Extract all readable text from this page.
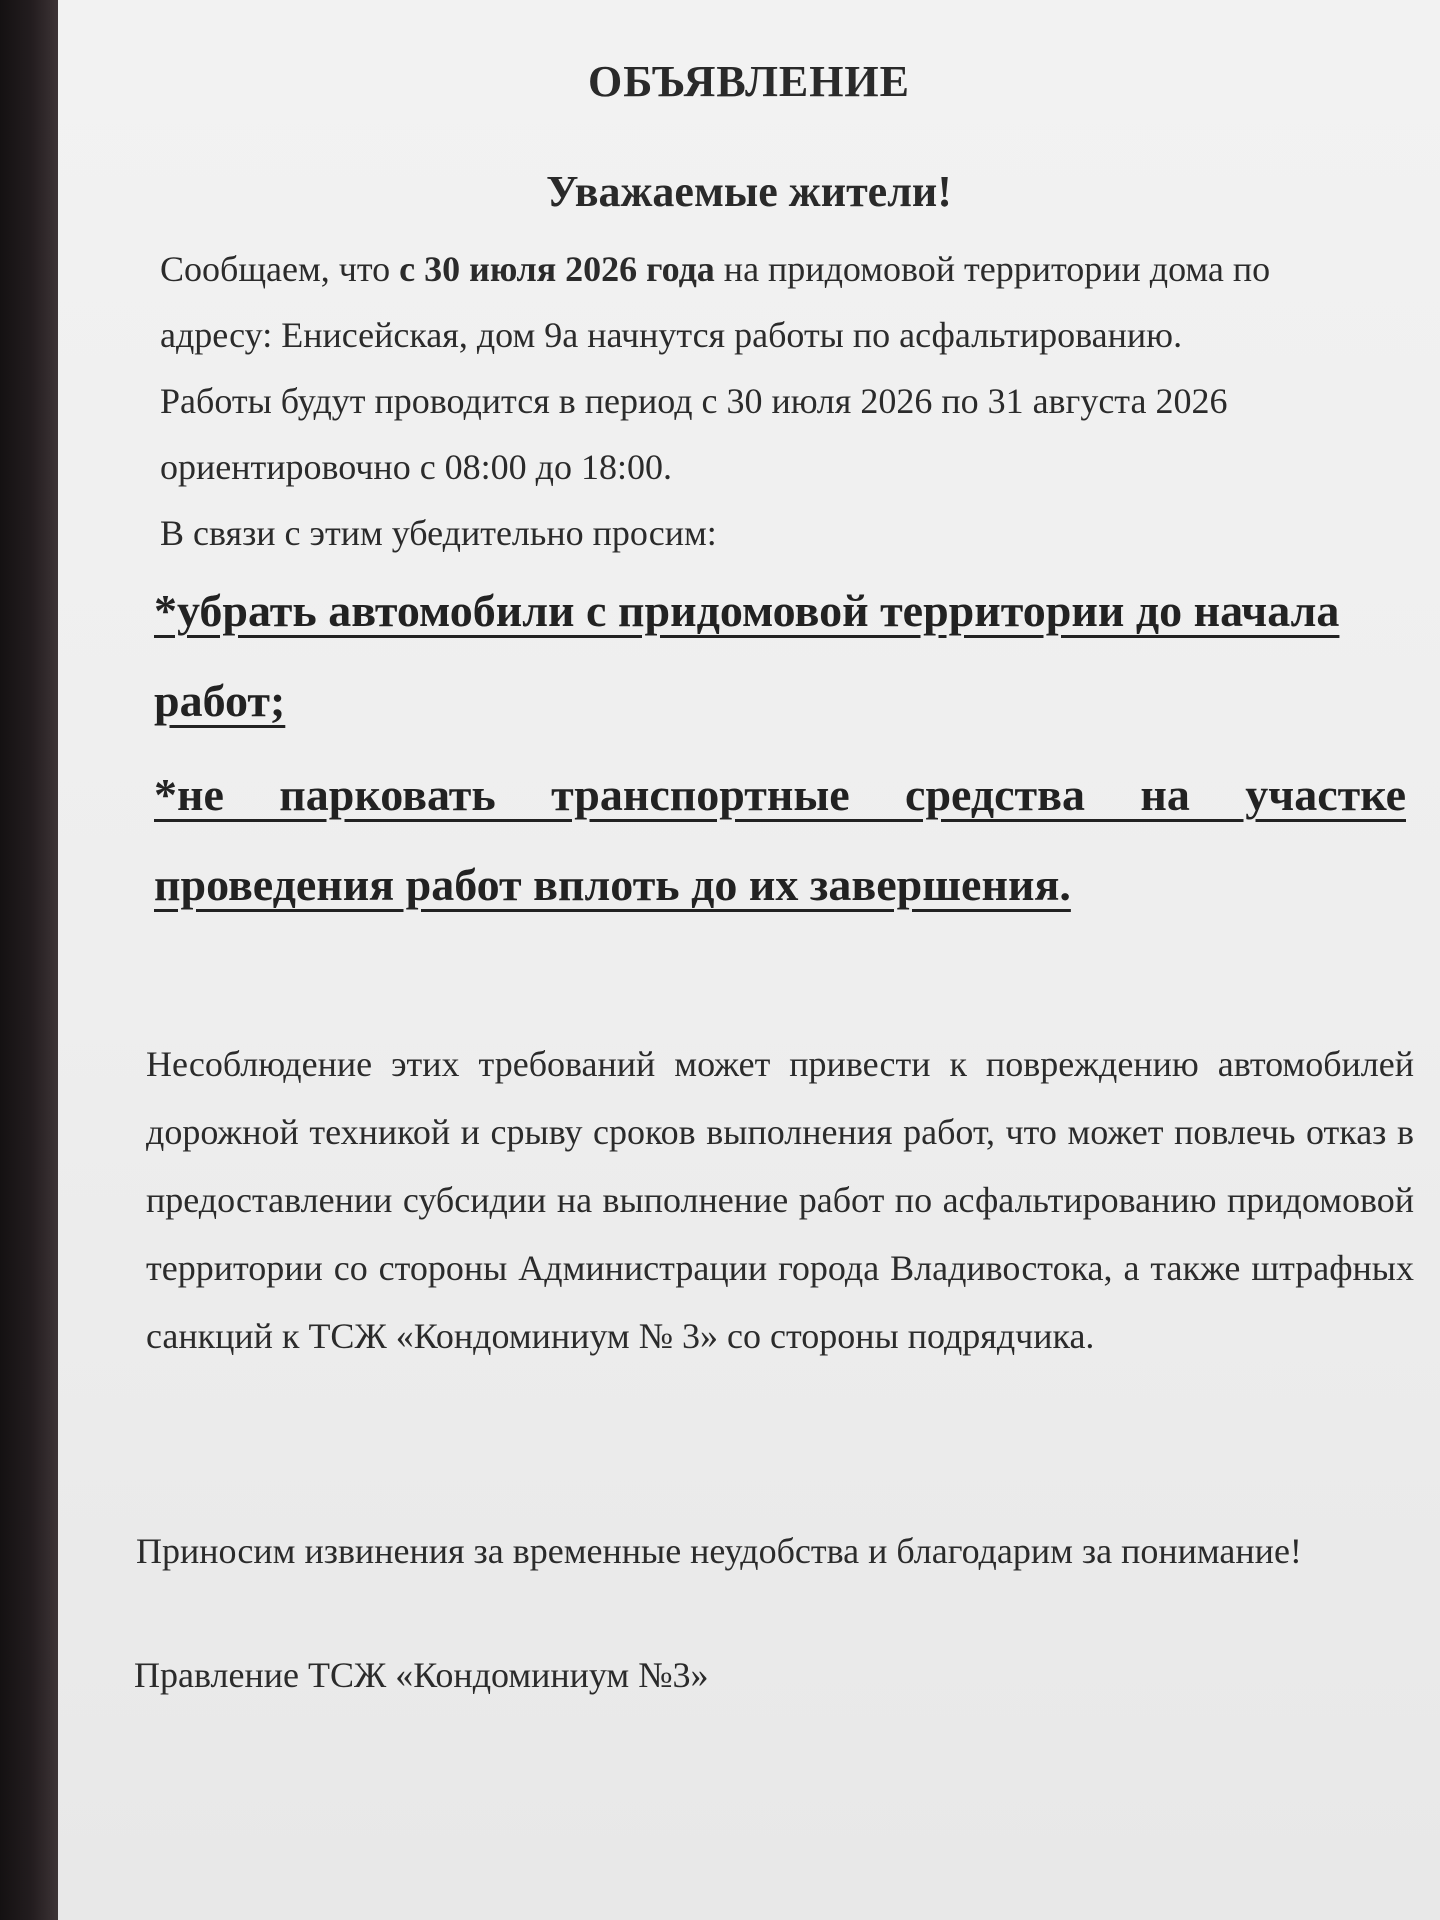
ОБЪЯВЛЕНИЕ
Уважаемые жители!
Сообщаем, что с 30 июля 2026 года на придомовой территории дома по
адресу: Енисейская, дом 9а начнутся работы по асфальтированию.
Работы будут проводится в период с 30 июля 2026 по 31 августа 2026
ориентировочно с 08:00 до 18:00.
В связи с этим убедительно просим:
*убрать автомобили с придомовой территории до начала работ;
*не парковать транспортные средства на участке проведения работ вплоть до их завершения.
Несоблюдение этих требований может привести к повреждению автомобилей дорожной техникой и срыву сроков выполнения работ, что может повлечь отказ в предоставлении субсидии на выполнение работ по асфальтированию придомовой территории со стороны Администрации города Владивостока, а также штрафных санкций к ТСЖ «Кондоминиум № 3» со стороны подрядчика.
Приносим извинения за временные неудобства и благодарим за понимание!
Правление ТСЖ «Кондоминиум №3»
